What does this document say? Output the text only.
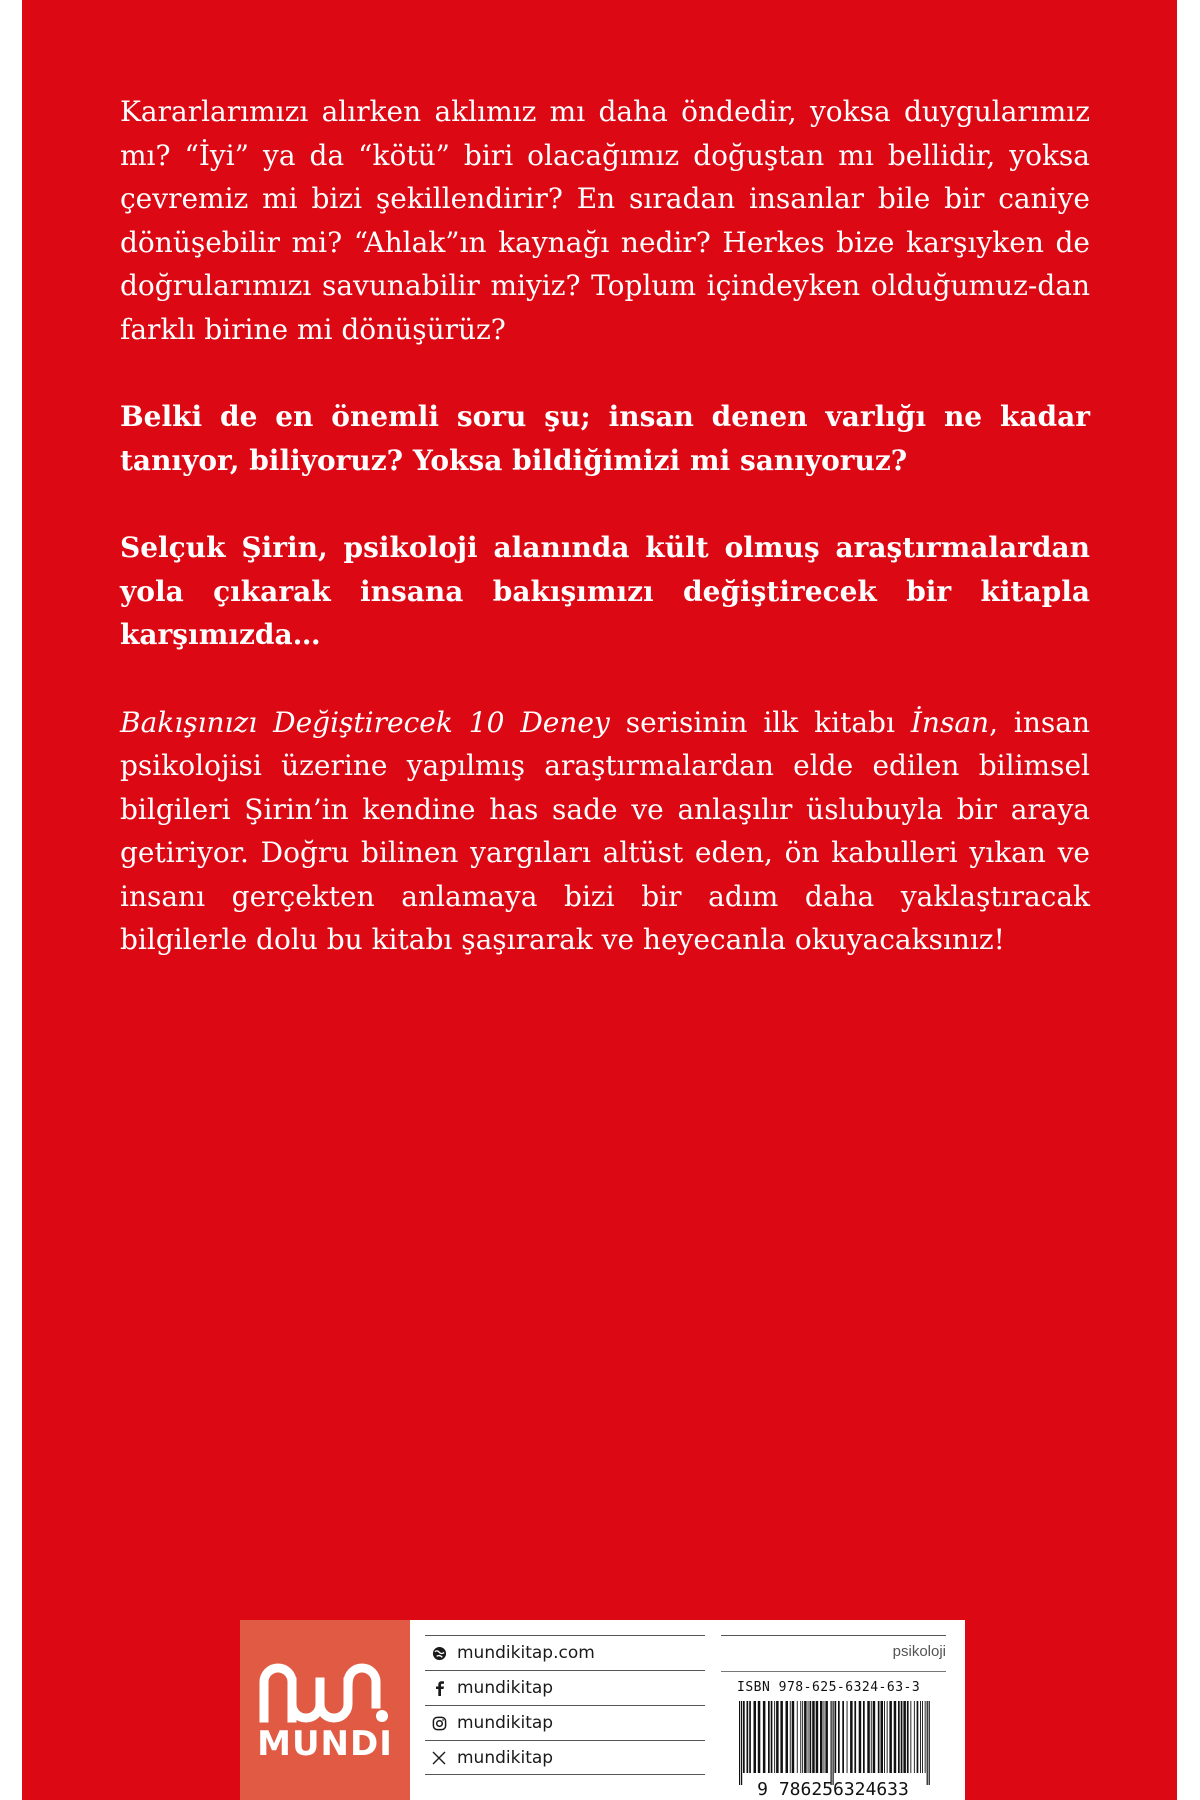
Kararlarımızı alırken aklımız mı daha öndedir, yoksa duygularımız mı? “İyi” ya da “kötü” biri olacağımız doğuştan mı bellidir, yoksa çevremiz mi bizi şekillendirir? En sıradan insanlar bile bir caniye dönüşebilir mi? “Ahlak”ın kaynağı nedir? Herkes bize karşıyken de doğrularımızı savunabilir miyiz? Toplum içindeyken olduğumuz-dan farklı birine mi dönüşürüz?

Belki de en önemli soru şu; insan denen varlığı ne kadar tanıyor, biliyoruz? Yoksa bildiğimizi mi sanıyoruz?

Selçuk Şirin, psikoloji alanında kült olmuş araştırmalardan yola çıkarak insana bakışımızı değiştirecek bir kitapla karşımızda…

Bakışınızı Değiştirecek 10 Deney serisinin ilk kitabı İnsan, insan psikolojisi üzerine yapılmış araştırmalardan elde edilen bilimsel bilgileri Şirin’in kendine has sade ve anlaşılır üslubuyla bir araya getiriyor. Doğru bilinen yargıları altüst eden, ön kabulleri yıkan ve insanı gerçekten anlamaya bizi bir adım daha yaklaştıracak bilgilerle dolu bu kitabı şaşırarak ve heyecanla okuyacaksınız!

MUNDI
mundikitap.com
mundikitap
mundikitap
mundikitap
psikoloji
ISBN 978-625-6324-63-3
9 786256324633
